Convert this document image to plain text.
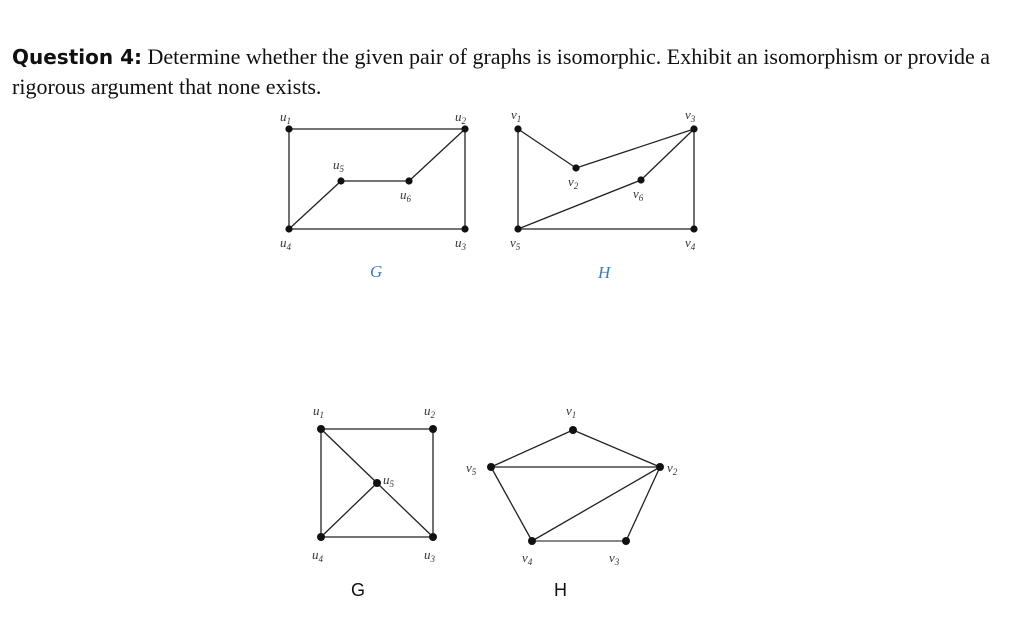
Question 4: Determine whether the given pair of graphs is isomorphic. Exhibit an isomorphism or provide a rigorous argument that none exists.
$u_1$	$u_2$
$u_3$
$u_4$
$u_5$
$u_6$
G
$v_1$
$v_2$
$v_3$
$v_4$
$v_5$
$v_6$
H
$u_1$	$u_2$
$u_3$
$u_4$
$u_5$
G
$v_1$
$v_2$
$v_3$
$v_4$
$v_5$
H
